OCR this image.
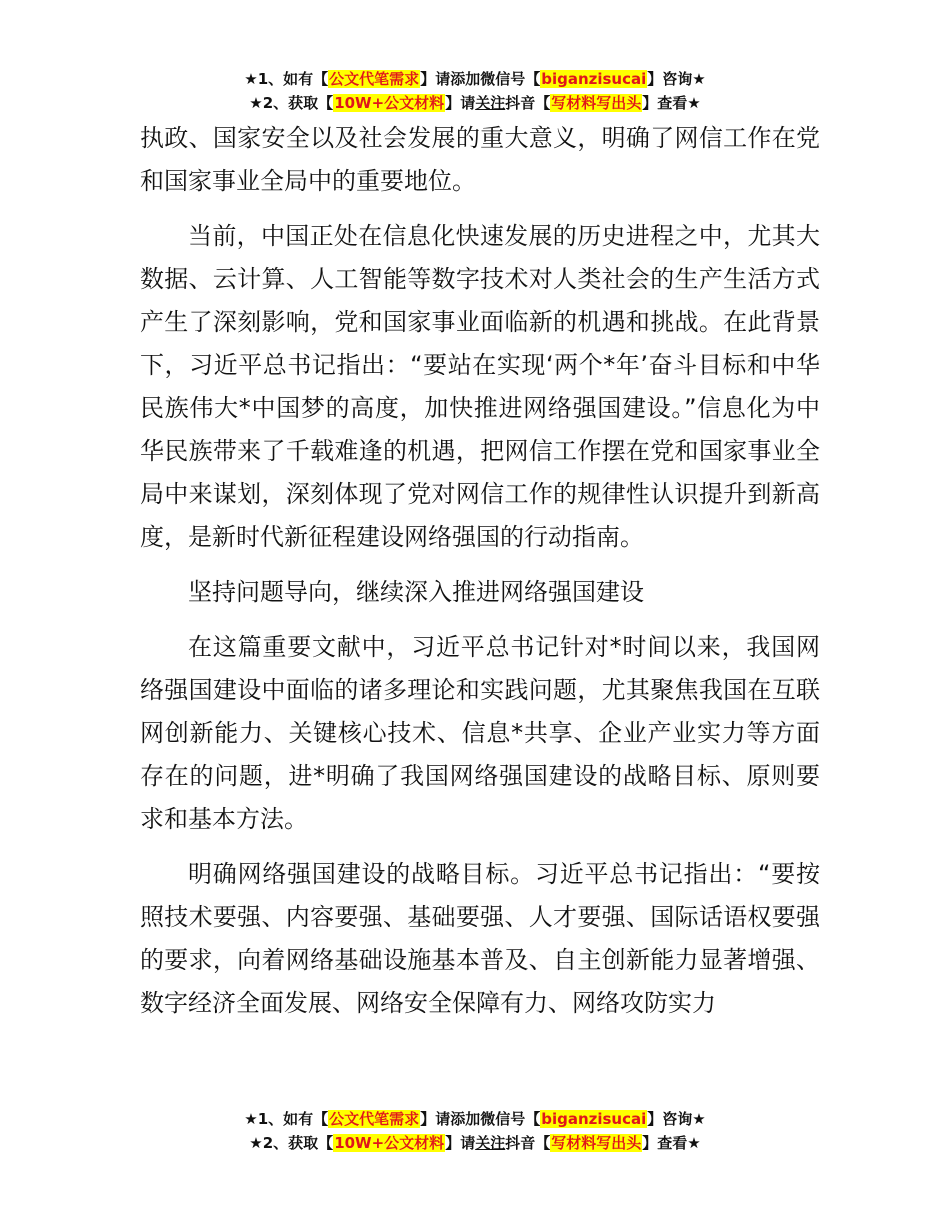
★1、如有【公文代笔需求】请添加微信号【biganzisucai】咨询★
★2、获取【10W+公文材料】请关注抖音【写材料写出头】查看★

执政、国家安全以及社会发展的重大意义，明确了网信工作在党和国家事业全局中的重要地位。

当前，中国正处在信息化快速发展的历史进程之中，尤其大数据、云计算、人工智能等数字技术对人类社会的生产生活方式产生了深刻影响，党和国家事业面临新的机遇和挑战。在此背景下，习近平总书记指出：“要站在实现‘两个*年’奋斗目标和中华民族伟大*中国梦的高度，加快推进网络强国建设。”信息化为中华民族带来了千载难逢的机遇，把网信工作摆在党和国家事业全局中来谋划，深刻体现了党对网信工作的规律性认识提升到新高度，是新时代新征程建设网络强国的行动指南。

坚持问题导向，继续深入推进网络强国建设

在这篇重要文献中，习近平总书记针对*时间以来，我国网络强国建设中面临的诸多理论和实践问题，尤其聚焦我国在互联网创新能力、关键核心技术、信息*共享、企业产业实力等方面存在的问题，进*明确了我国网络强国建设的战略目标、原则要求和基本方法。

明确网络强国建设的战略目标。习近平总书记指出：“要按照技术要强、内容要强、基础要强、人才要强、国际话语权要强的要求，向着网络基础设施基本普及、自主创新能力显著增强、数字经济全面发展、网络安全保障有力、网络攻防实力

★1、如有【公文代笔需求】请添加微信号【biganzisucai】咨询★
★2、获取【10W+公文材料】请关注抖音【写材料写出头】查看★
